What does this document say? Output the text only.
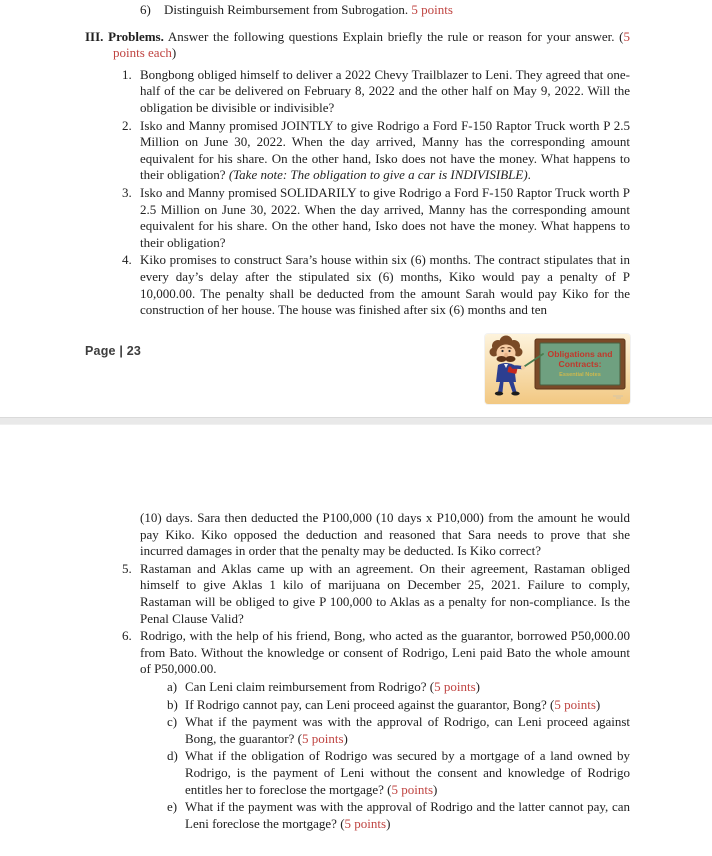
6)	Distinguish Reimbursement from Subrogation. 5 points

III. Problems. Answer the following questions Explain briefly the rule or reason for your answer. (5 points each)

1. Bongbong obliged himself to deliver a 2022 Chevy Trailblazer to Leni. They agreed that one-half of the car be delivered on February 8, 2022 and the other half on May 9, 2022. Will the obligation be divisible or indivisible?
2. Isko and Manny promised JOINTLY to give Rodrigo a Ford F-150 Raptor Truck worth P 2.5 Million on June 30, 2022. When the day arrived, Manny has the corresponding amount equivalent for his share. On the other hand, Isko does not have the money. What happens to their obligation? (Take note: The obligation to give a car is INDIVISIBLE).
3. Isko and Manny promised SOLIDARILY to give Rodrigo a Ford F-150 Raptor Truck worth P 2.5 Million on June 30, 2022. When the day arrived, Manny has the corresponding amount equivalent for his share. On the other hand, Isko does not have the money. What happens to their obligation?
4. Kiko promises to construct Sara’s house within six (6) months. The contract stipulates that in every day’s delay after the stipulated six (6) months, Kiko would pay a penalty of P 10,000.00. The penalty shall be deducted from the amount Sarah would pay Kiko for the construction of her house. The house was finished after six (6) months and ten
Page | 23	Obligations and
Contracts:
Essential Notes
(10) days. Sara then deducted the P100,000 (10 days x P10,000) from the amount he would pay Kiko. Kiko opposed the deduction and reasoned that Sara needs to prove that she incurred damages in order that the penalty may be deducted. Is Kiko correct?
5. Rastaman and Aklas came up with an agreement. On their agreement, Rastaman obliged himself to give Aklas 1 kilo of marijuana on December 25, 2021. Failure to comply, Rastaman will be obliged to give P 100,000 to Aklas as a penalty for non-compliance. Is the Penal Clause Valid?
6. Rodrigo, with the help of his friend, Bong, who acted as the guarantor, borrowed P50,000.00 from Bato. Without the knowledge or consent of Rodrigo, Leni paid Bato the whole amount of P50,000.00.
a) Can Leni claim reimbursement from Rodrigo? (5 points)
b) If Rodrigo cannot pay, can Leni proceed against the guarantor, Bong? (5 points)
c) What if the payment was with the approval of Rodrigo, can Leni proceed against Bong, the guarantor? (5 points)
d) What if the obligation of Rodrigo was secured by a mortgage of a land owned by Rodrigo, is the payment of Leni without the consent and knowledge of Rodrigo entitles her to foreclose the mortgage? (5 points)
e) What if the payment was with the approval of Rodrigo and the latter cannot pay, can Leni foreclose the mortgage? (5 points)
